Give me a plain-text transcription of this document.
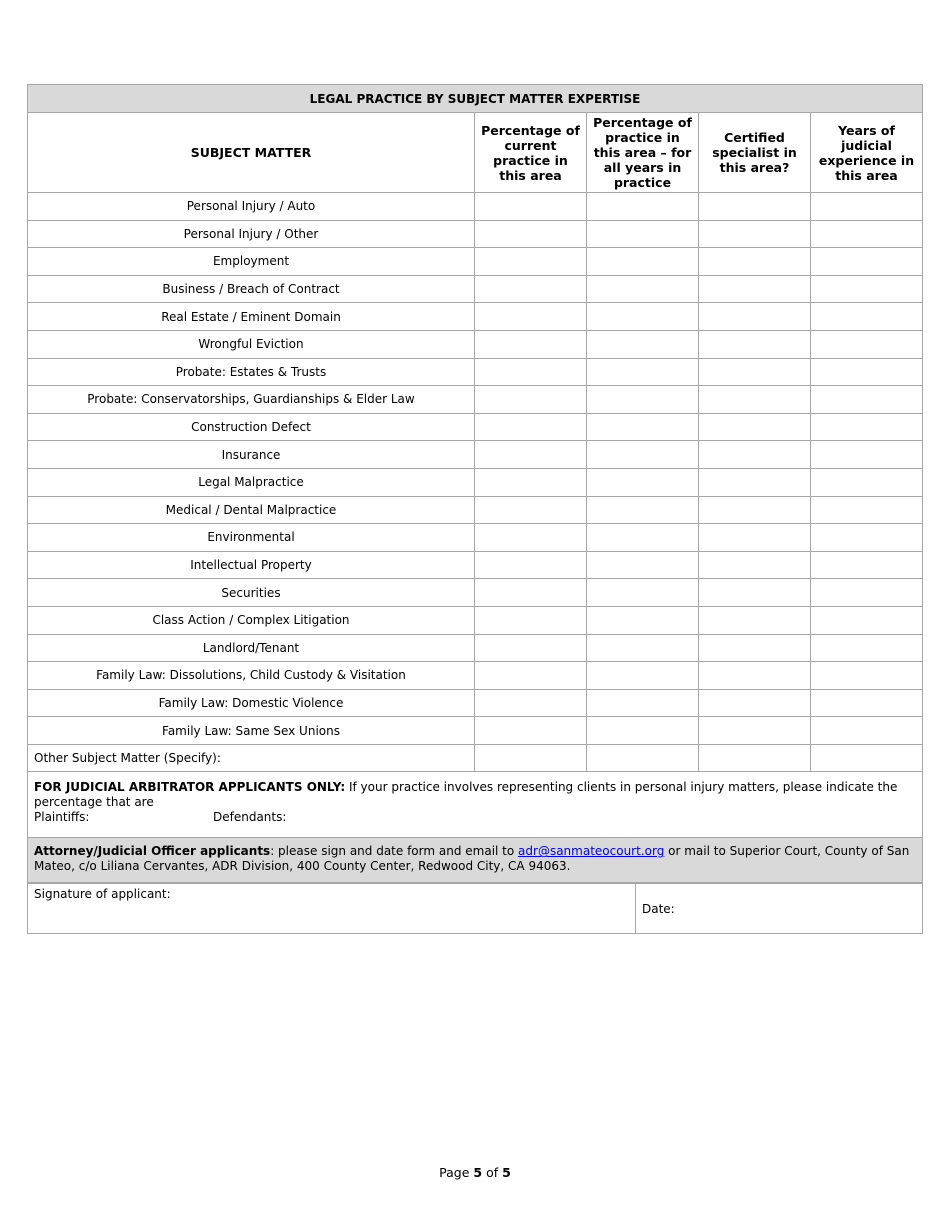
LEGAL PRACTICE BY SUBJECT MATTER EXPERTISE				
SUBJECT MATTER	Percentage of current practice in this area	Percentage of practice in this area – for all years in practice	Certified specialist in this area?	Years of judicial experience in this area
Personal Injury / Auto				
Personal Injury / Other				
Employment				
Business / Breach of Contract				
Real Estate / Eminent Domain				
Wrongful Eviction				
Probate: Estates & Trusts				
Probate: Conservatorships, Guardianships & Elder Law				
Construction Defect				
Insurance				
Legal Malpractice				
Medical / Dental Malpractice				
Environmental				
Intellectual Property				
Securities				
Class Action / Complex Litigation				
Landlord/Tenant				
Family Law: Dissolutions, Child Custody & Visitation				
Family Law: Domestic Violence				
Family Law: Same Sex Unions				
Other Subject Matter (Specify):				

FOR JUDICIAL ARBITRATOR APPLICANTS ONLY: If your practice involves representing clients in personal injury matters, please indicate the percentage that are
Plaintiffs: Defendants:				

Attorney/Judicial Officer applicants: please sign and date form and email to adr@sanmateocourt.org or mail to Superior Court, County of San Mateo, c/o Liliana Cervantes, ADR Division, 400 County Center, Redwood City, CA 94063.				
Signature of applicant:	Date:
Page 5 of 5
